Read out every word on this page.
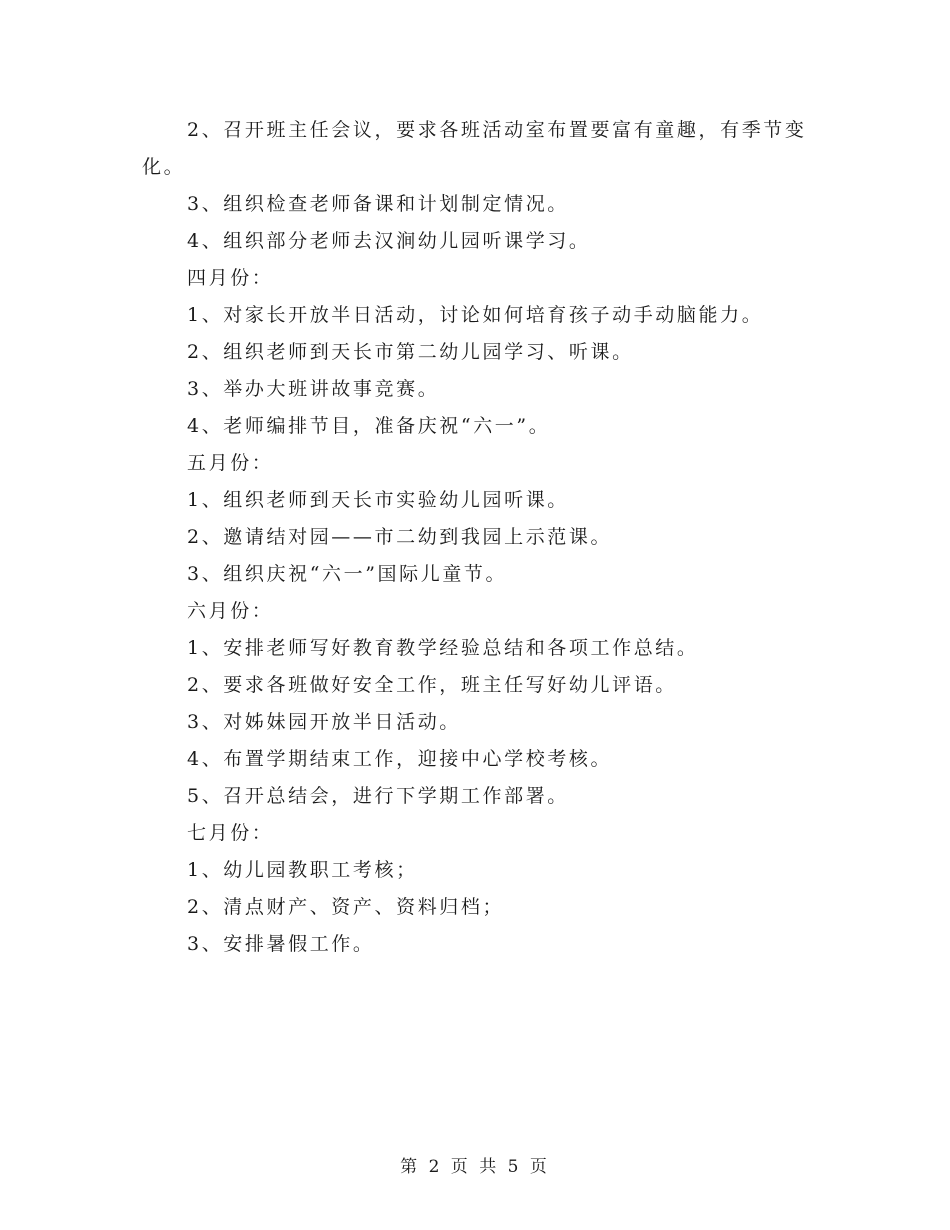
2、召开班主任会议，要求各班活动室布置要富有童趣，有季节变化。

3、组织检查老师备课和计划制定情况。

4、组织部分老师去汉涧幼儿园听课学习。

四月份：

1、对家长开放半日活动，讨论如何培育孩子动手动脑能力。

2、组织老师到天长市第二幼儿园学习、听课。

3、举办大班讲故事竞赛。

4、老师编排节目，准备庆祝“六一”。

五月份：

1、组织老师到天长市实验幼儿园听课。

2、邀请结对园——市二幼到我园上示范课。

3、组织庆祝“六一”国际儿童节。

六月份：

1、安排老师写好教育教学经验总结和各项工作总结。

2、要求各班做好安全工作，班主任写好幼儿评语。

3、对姊妹园开放半日活动。

4、布置学期结束工作，迎接中心学校考核。

5、召开总结会，进行下学期工作部署。

七月份：

1、幼儿园教职工考核；

2、清点财产、资产、资料归档；

3、安排暑假工作。

第 2 页 共 5 页
